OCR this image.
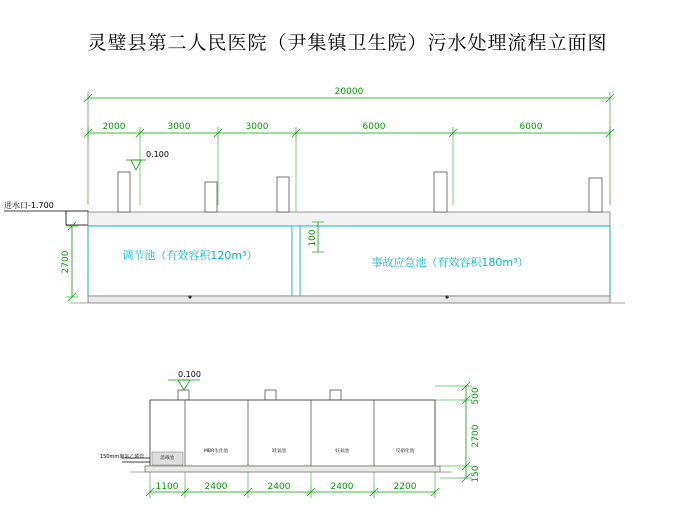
灵璧县第二人民医院（尹集镇卫生院）污水处理流程立面图
20000
2000	3000	3000	6000	6000
0.100
进水口-1.700
2700
100
调节池（有效容积120m³）
事故应急池（有效容积180m³）
0.100
150mm聚氯乙烯管	消毒池
MBR生化池	缺氧池	好氧池	反硝化池
1100	2400	2400	2400	2200
500
2700
150
